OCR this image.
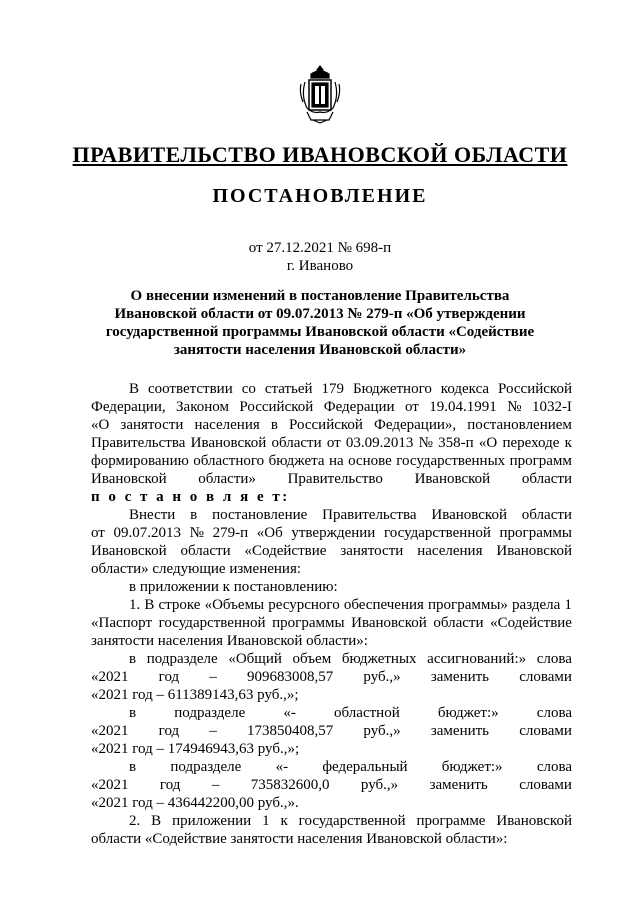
ПРАВИТЕЛЬСТВО ИВАНОВСКОЙ ОБЛАСТИ
ПОСТАНОВЛЕНИЕ
от 27.12.2021 № 698-п
г. Иваново
О внесении изменений в постановление Правительства
Ивановской области от 09.07.2013 № 279-п «Об утверждении
государственной программы Ивановской области «Содействие
занятости населения Ивановской области»
В соответствии со статьей 179 Бюджетного кодекса Российской
Федерации, Законом Российской Федерации от 19.04.1991 № 1032-I
«О занятости населения в Российской Федерации», постановлением
Правительства Ивановской области от 03.09.2013 № 358-п «О переходе к
формированию областного бюджета на основе государственных программ
Ивановской области» Правительство Ивановской области
п о с т а н о в л я е т:
Внести в постановление Правительства Ивановской области
от 09.07.2013 № 279-п «Об утверждении государственной программы
Ивановской области «Содействие занятости населения Ивановской
области» следующие изменения:
в приложении к постановлению:
1. В строке «Объемы ресурсного обеспечения программы» раздела 1
«Паспорт государственной программы Ивановской области «Содействие
занятости населения Ивановской области»:
в подразделе «Общий объем бюджетных ассигнований:» слова
«2021 год – 909683008,57 руб.,» заменить словами
«2021 год – 611389143,63 руб.,»;
в	подразделе	«-	областной	бюджет:»	слова
«2021 год – 173850408,57 руб.,» заменить словами
«2021 год – 174946943,63 руб.,»;
в подразделе «- федеральный бюджет:» слова
«2021 год – 735832600,0 руб.,» заменить словами
«2021 год – 436442200,00 руб.,».
2. В приложении 1 к государственной программе Ивановской
области «Содействие занятости населения Ивановской области»:
